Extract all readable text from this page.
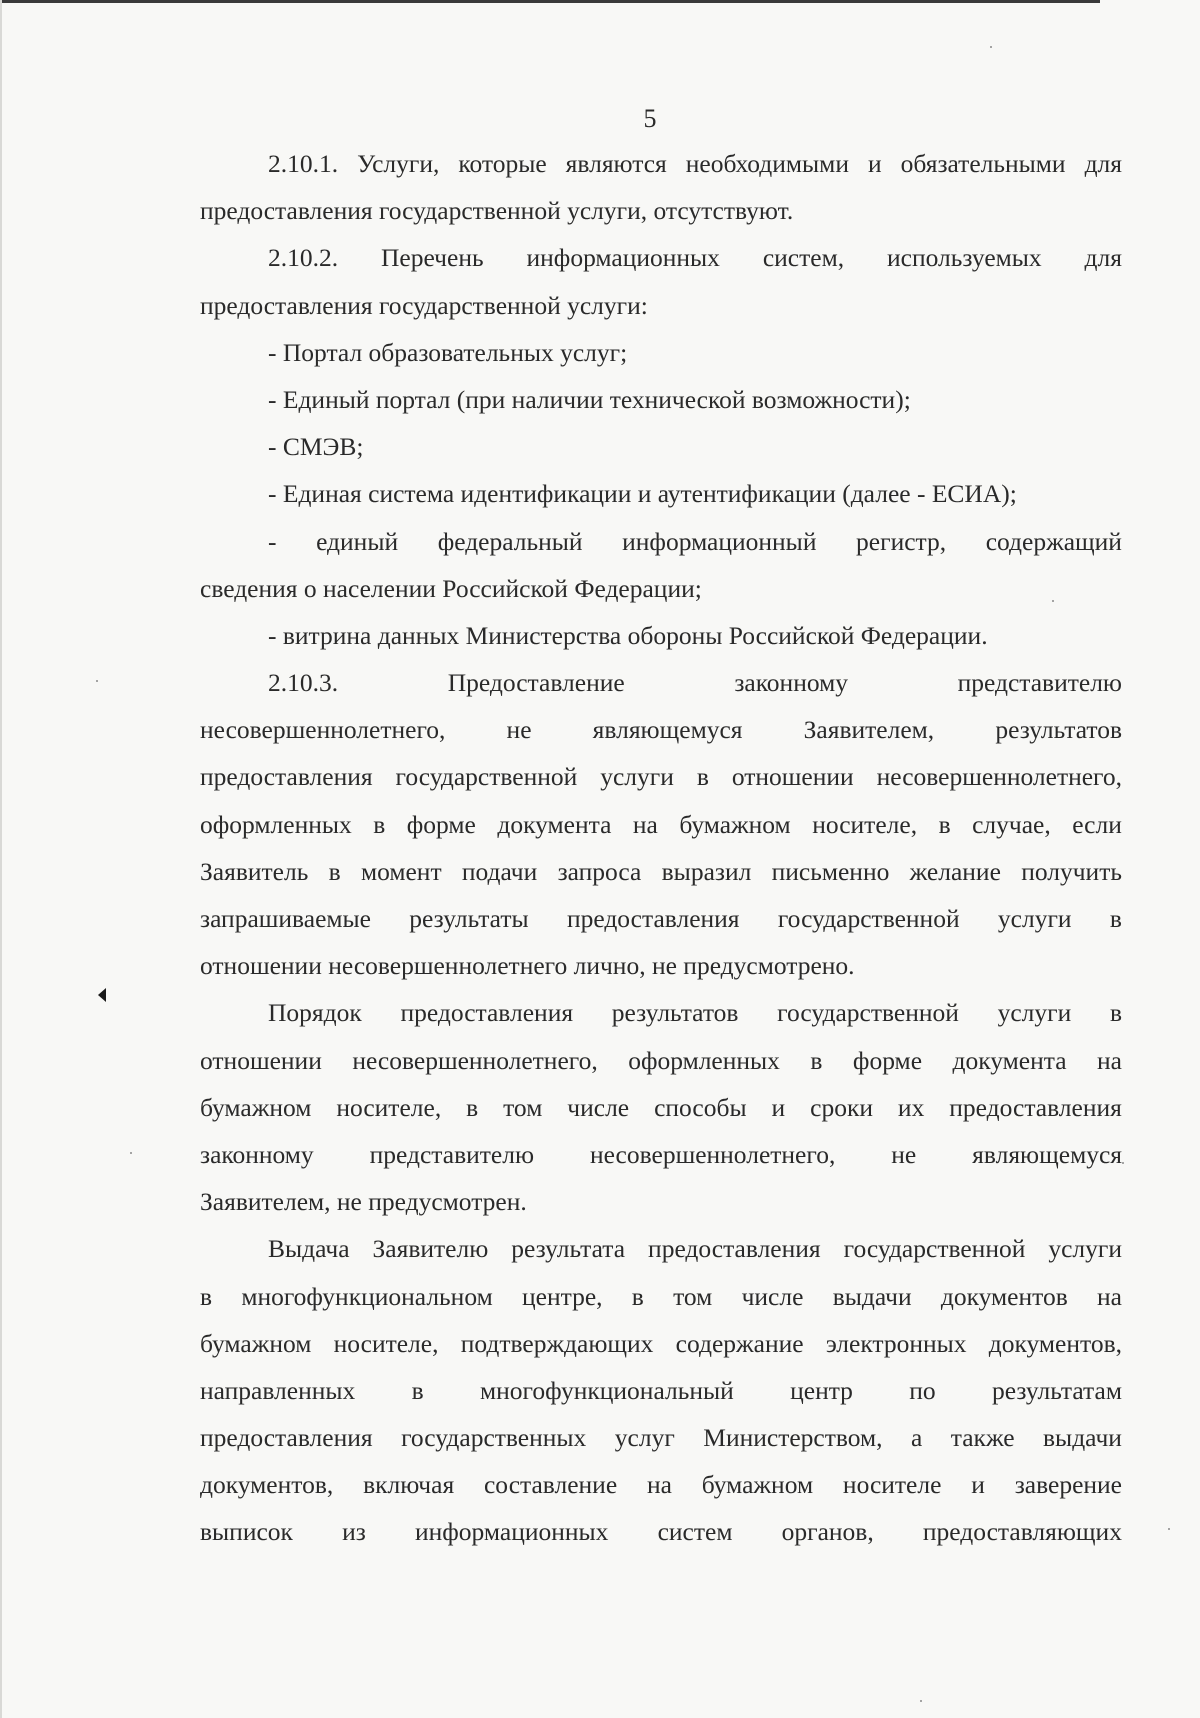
5
2.10.1. Услуги, которые являются необходимыми и обязательными для
предоставления государственной услуги, отсутствуют.
2.10.2. Перечень информационных систем, используемых для
предоставления государственной услуги:
- Портал образовательных услуг;
- Единый портал (при наличии технической возможности);
- СМЭВ;
- Единая система идентификации и аутентификации (далее - ЕСИА);
- единый федеральный информационный регистр, содержащий
сведения о населении Российской Федерации;
- витрина данных Министерства обороны Российской Федерации.
2.10.3.	Предоставление	законному	представителю
несовершеннолетнего, не являющемуся Заявителем, результатов
предоставления государственной услуги в отношении несовершеннолетнего,
оформленных в форме документа на бумажном носителе, в случае, если
Заявитель в момент подачи запроса выразил письменно желание получить
запрашиваемые результаты предоставления государственной услуги в
отношении несовершеннолетнего лично, не предусмотрено.
Порядок предоставления результатов государственной услуги в
отношении несовершеннолетнего, оформленных в форме документа на
бумажном носителе, в том числе способы и сроки их предоставления
законному представителю несовершеннолетнего, не являющемуся
Заявителем, не предусмотрен.
Выдача Заявителю результата предоставления государственной услуги
в многофункциональном центре, в том числе выдачи документов на
бумажном носителе, подтверждающих содержание электронных документов,
направленных в многофункциональный центр по результатам
предоставления государственных услуг Министерством, а также выдачи
документов, включая составление на бумажном носителе и заверение
выписок из информационных систем органов, предоставляющих
